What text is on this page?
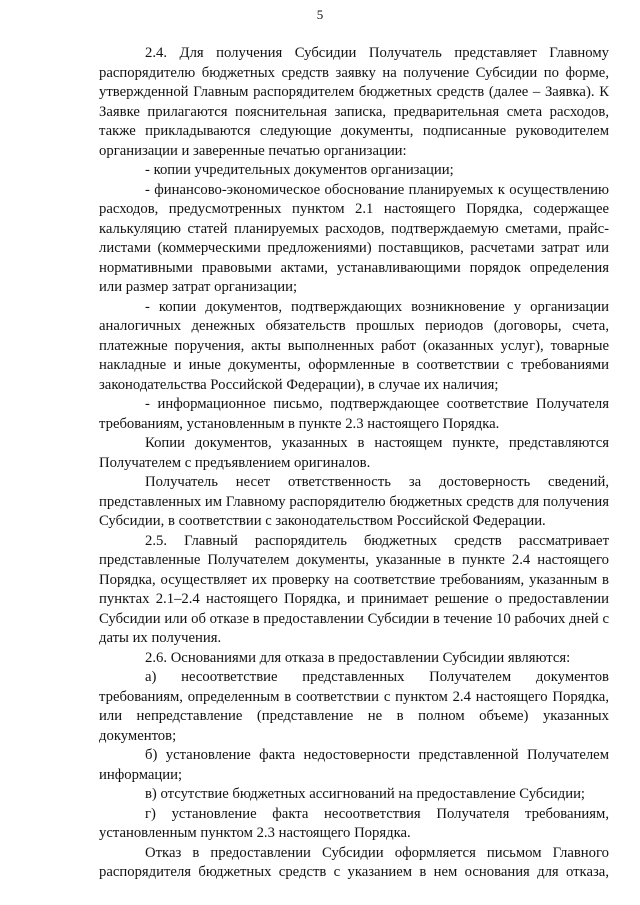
5

2.4. Для получения Субсидии Получатель представляет Главному распорядителю бюджетных средств заявку на получение Субсидии по форме, утвержденной Главным распорядителем бюджетных средств (далее – Заявка). К Заявке прилагаются пояснительная записка, предварительная смета расходов, также прикладываются следующие документы, подписанные руководителем организации и заверенные печатью организации:

- копии учредительных документов организации;

- финансово-экономическое обоснование планируемых к осуществлению расходов, предусмотренных пунктом 2.1 настоящего Порядка, содержащее калькуляцию статей планируемых расходов, подтверждаемую сметами, прайс-листами (коммерческими предложениями) поставщиков, расчетами затрат или нормативными правовыми актами, устанавливающими порядок определения или размер затрат организации;

- копии документов, подтверждающих возникновение у организации аналогичных денежных обязательств прошлых периодов (договоры, счета, платежные поручения, акты выполненных работ (оказанных услуг), товарные накладные и иные документы, оформленные в соответствии с требованиями законодательства Российской Федерации), в случае их наличия;

- информационное письмо, подтверждающее соответствие Получателя требованиям, установленным в пункте 2.3 настоящего Порядка.

Копии документов, указанных в настоящем пункте, представляются Получателем с предъявлением оригиналов.

Получатель несет ответственность за достоверность сведений, представленных им Главному распорядителю бюджетных средств для получения Субсидии, в соответствии с законодательством Российской Федерации.

2.5. Главный распорядитель бюджетных средств рассматривает представленные Получателем документы, указанные в пункте 2.4 настоящего Порядка, осуществляет их проверку на соответствие требованиям, указанным в пунктах 2.1–2.4 настоящего Порядка, и принимает решение о предоставлении Субсидии или об отказе в предоставлении Субсидии в течение 10 рабочих дней с даты их получения.

2.6. Основаниями для отказа в предоставлении Субсидии являются:

а) несоответствие представленных Получателем документов требованиям, определенным в соответствии с пунктом 2.4 настоящего Порядка, или непредставление (представление не в полном объеме) указанных документов;

б) установление факта недостоверности представленной Получателем информации;

в) отсутствие бюджетных ассигнований на предоставление Субсидии;

г) установление факта несоответствия Получателя требованиям, установленным пунктом 2.3 настоящего Порядка.

Отказ в предоставлении Субсидии оформляется письмом Главного распорядителя бюджетных средств с указанием в нем основания для отказа,
